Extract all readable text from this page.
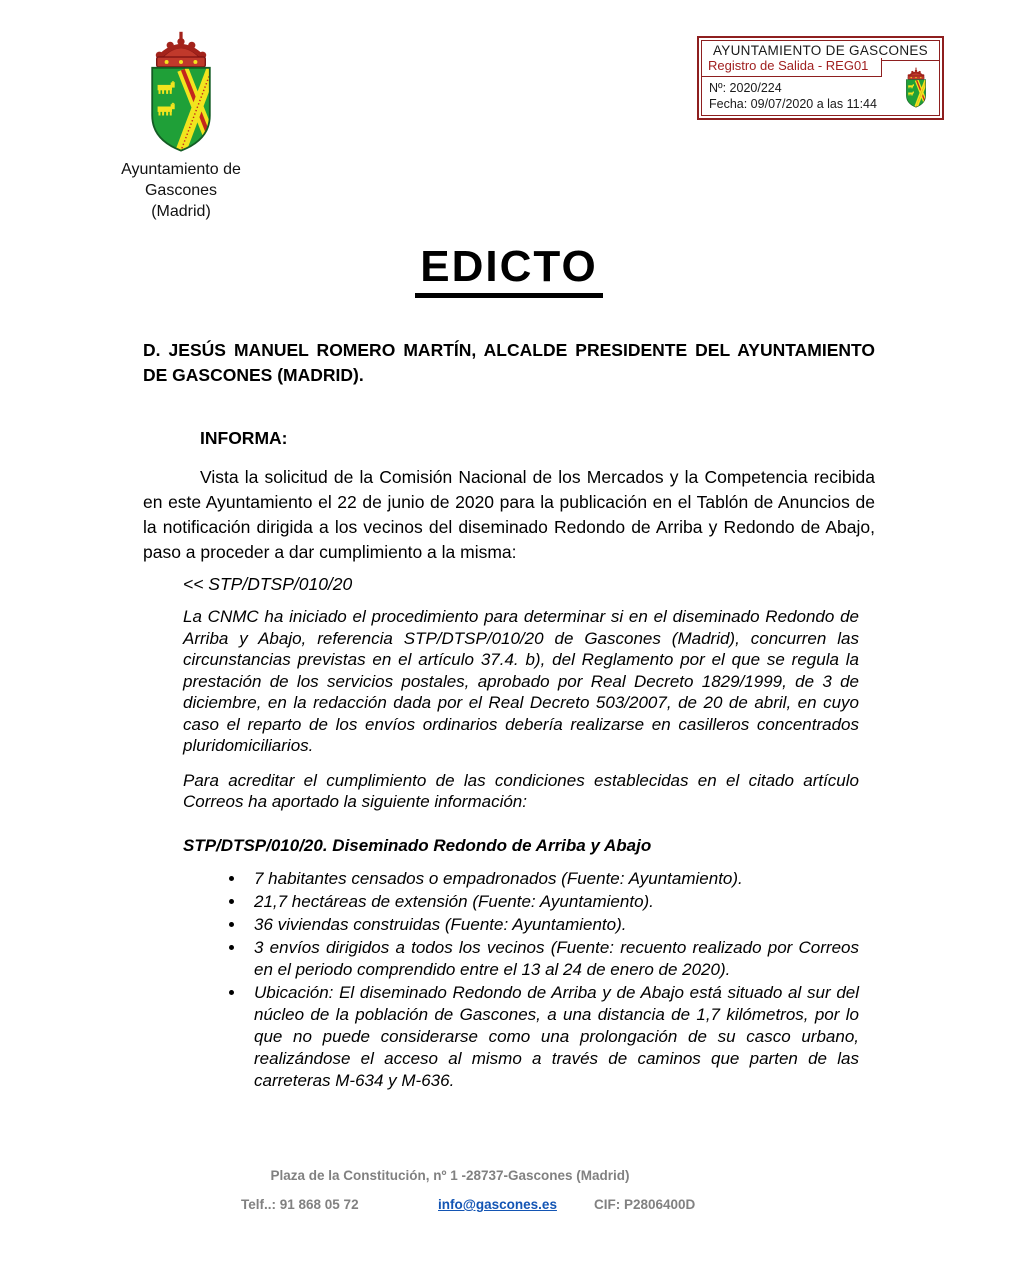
Ayuntamiento de
Gascones
(Madrid)
AYUNTAMIENTO DE GASCONES
Registro de Salida - REG01
Nº: 2020/224
Fecha: 09/07/2020 a las 11:44
EDICTO

D. JESÚS MANUEL ROMERO MARTÍN, ALCALDE PRESIDENTE DEL AYUNTAMIENTO DE GASCONES (MADRID).

INFORMA:

Vista la solicitud de la Comisión Nacional de los Mercados y la Competencia recibida en este Ayuntamiento el 22 de junio de 2020 para la publicación en el Tablón de Anuncios de la notificación dirigida a los vecinos del diseminado Redondo de Arriba y Redondo de Abajo, paso a proceder a dar cumplimiento a la misma:

<< STP/DTSP/010/20

La CNMC ha iniciado el procedimiento para determinar si en el diseminado Redondo de Arriba y Abajo, referencia STP/DTSP/010/20 de Gascones (Madrid), concurren las circunstancias previstas en el artículo 37.4. b), del Reglamento por el que se regula la prestación de los servicios postales, aprobado por Real Decreto 1829/1999, de 3 de diciembre, en la redacción dada por el Real Decreto 503/2007, de 20 de abril, en cuyo caso el reparto de los envíos ordinarios debería realizarse en casilleros concentrados pluridomiciliarios.

Para acreditar el cumplimiento de las condiciones establecidas en el citado artículo Correos ha aportado la siguiente información:

STP/DTSP/010/20. Diseminado Redondo de Arriba y Abajo

• 7 habitantes censados o empadronados (Fuente: Ayuntamiento).
• 21,7 hectáreas de extensión (Fuente: Ayuntamiento).
• 36 viviendas construidas (Fuente: Ayuntamiento).
• 3 envíos dirigidos a todos los vecinos (Fuente: recuento realizado por Correos en el periodo comprendido entre el 13 al 24 de enero de 2020).
• Ubicación: El diseminado Redondo de Arriba y de Abajo está situado al sur del núcleo de la población de Gascones, a una distancia de 1,7 kilómetros, por lo que no puede considerarse como una prolongación de su casco urbano, realizándose el acceso al mismo a través de caminos que parten de las carreteras M-634 y M-636.
Plaza de la Constitución, nº 1 -28737-Gascones (Madrid)
Telf..: 91 868 05 72	info@gascones.es	CIF: P2806400D
